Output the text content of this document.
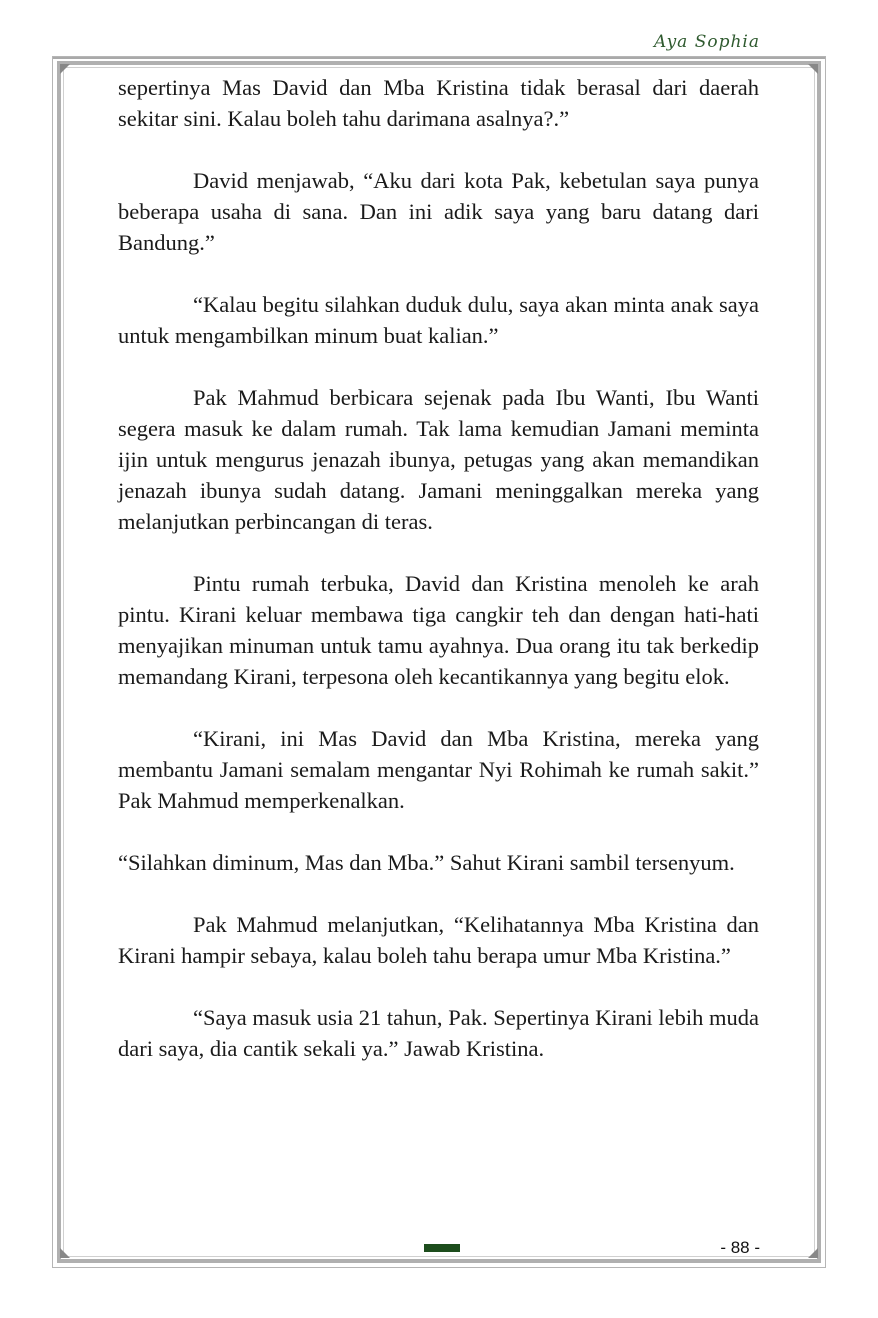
Aya Sophia

sepertinya Mas David dan Mba Kristina tidak berasal dari daerah sekitar sini. Kalau boleh tahu darimana asalnya?.”

David menjawab, “Aku dari kota Pak, kebetulan saya punya beberapa usaha di sana. Dan ini adik saya yang baru datang dari Bandung.”

“Kalau begitu silahkan duduk dulu, saya akan minta anak saya untuk mengambilkan minum buat kalian.”

Pak Mahmud berbicara sejenak pada Ibu Wanti, Ibu Wanti segera masuk ke dalam rumah. Tak lama kemudian Jamani meminta ijin untuk mengurus jenazah ibunya, petugas yang akan memandikan jenazah ibunya sudah datang. Jamani meninggalkan mereka yang melanjutkan perbincangan di teras.

Pintu rumah terbuka, David dan Kristina menoleh ke arah pintu. Kirani keluar membawa tiga cangkir teh dan dengan hati-hati menyajikan minuman untuk tamu ayahnya. Dua orang itu tak berkedip memandang Kirani, terpesona oleh kecantikannya yang begitu elok.

“Kirani, ini Mas David dan Mba Kristina, mereka yang membantu Jamani semalam mengantar Nyi Rohimah ke rumah sakit.” Pak Mahmud memperkenalkan.

“Silahkan diminum, Mas dan Mba.” Sahut Kirani sambil tersenyum.

Pak Mahmud melanjutkan, “Kelihatannya Mba Kristina dan Kirani hampir sebaya, kalau boleh tahu berapa umur Mba Kristina.”

“Saya masuk usia 21 tahun, Pak. Sepertinya Kirani lebih muda dari saya, dia cantik sekali ya.” Jawab Kristina.

- 88 -
